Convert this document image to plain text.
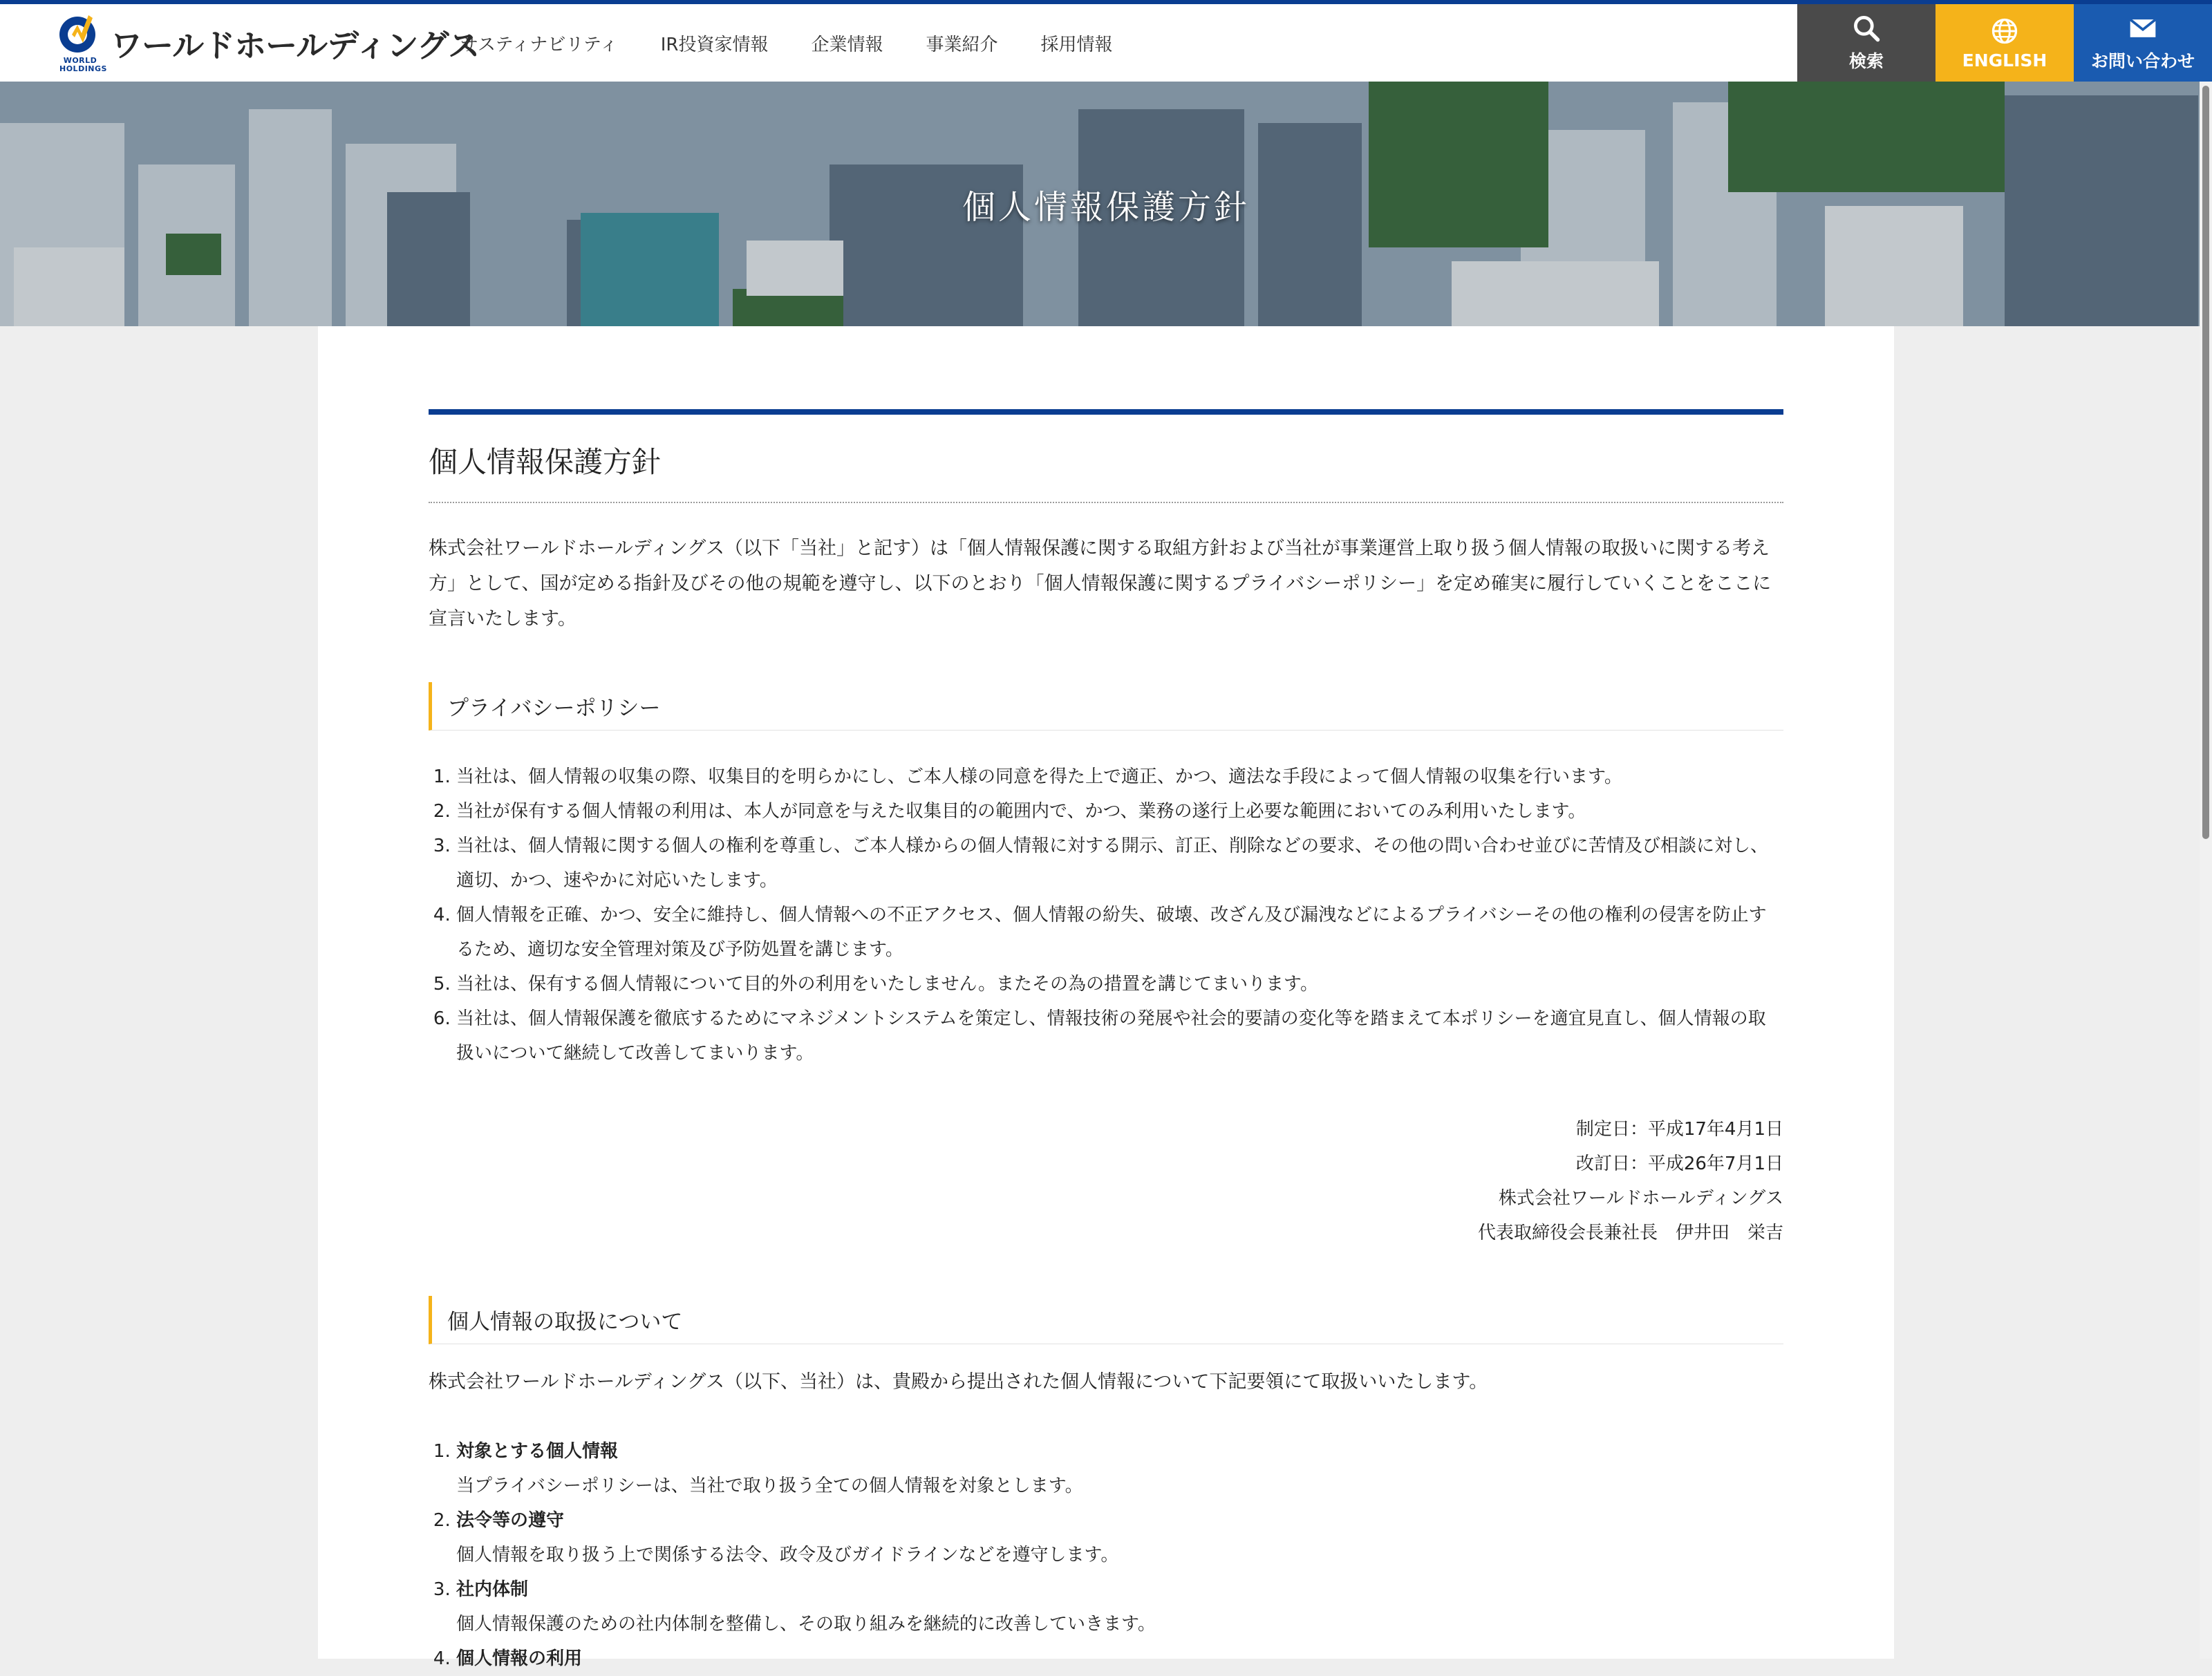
WORLD HOLDINGS
ワールドホールディングス
サスティナビリティ IR投資家情報 企業情報 事業紹介 採用情報
検索	ENGLISH	お問い合わせ
個人情報保護方針
個人情報保護方針

株式会社ワールドホールディングス（以下「当社」と記す）は「個人情報保護に関する取組方針および当社が事業運営上取り扱う個人情報の取扱いに関する考え方」として、国が定める指針及びその他の規範を遵守し、以下のとおり「個人情報保護に関するプライバシーポリシー」を定め確実に履行していくことをここに宣言いたします。

プライバシーポリシー
1. 当社は、個人情報の収集の際、収集目的を明らかにし、ご本人様の同意を得た上で適正、かつ、適法な手段によって個人情報の収集を行います。
2. 当社が保有する個人情報の利用は、本人が同意を与えた収集目的の範囲内で、かつ、業務の遂行上必要な範囲においてのみ利用いたします。
3. 当社は、個人情報に関する個人の権利を尊重し、ご本人様からの個人情報に対する開示、訂正、削除などの要求、その他の問い合わせ並びに苦情及び相談に対し、適切、かつ、速やかに対応いたします。
4. 個人情報を正確、かつ、安全に維持し、個人情報への不正アクセス、個人情報の紛失、破壊、改ざん及び漏洩などによるプライバシーその他の権利の侵害を防止するため、適切な安全管理対策及び予防処置を講じます。
5. 当社は、保有する個人情報について目的外の利用をいたしません。またその為の措置を講じてまいります。
6. 当社は、個人情報保護を徹底するためにマネジメントシステムを策定し、情報技術の発展や社会的要請の変化等を踏まえて本ポリシーを適宜見直し、個人情報の取扱いについて継続して改善してまいります。
制定日：平成17年4月1日
改訂日：平成26年7月1日
株式会社ワールドホールディングス
代表取締役会長兼社長　伊井田　栄吉
個人情報の取扱について
株式会社ワールドホールディングス（以下、当社）は、貴殿から提出された個人情報について下記要領にて取扱いいたします。
1. 対象とする個人情報
当プライバシーポリシーは、当社で取り扱う全ての個人情報を対象とします。
2. 法令等の遵守
個人情報を取り扱う上で関係する法令、政令及びガイドラインなどを遵守します。
3. 社内体制
個人情報保護のための社内体制を整備し、その取り組みを継続的に改善していきます。
4. 個人情報の利用
